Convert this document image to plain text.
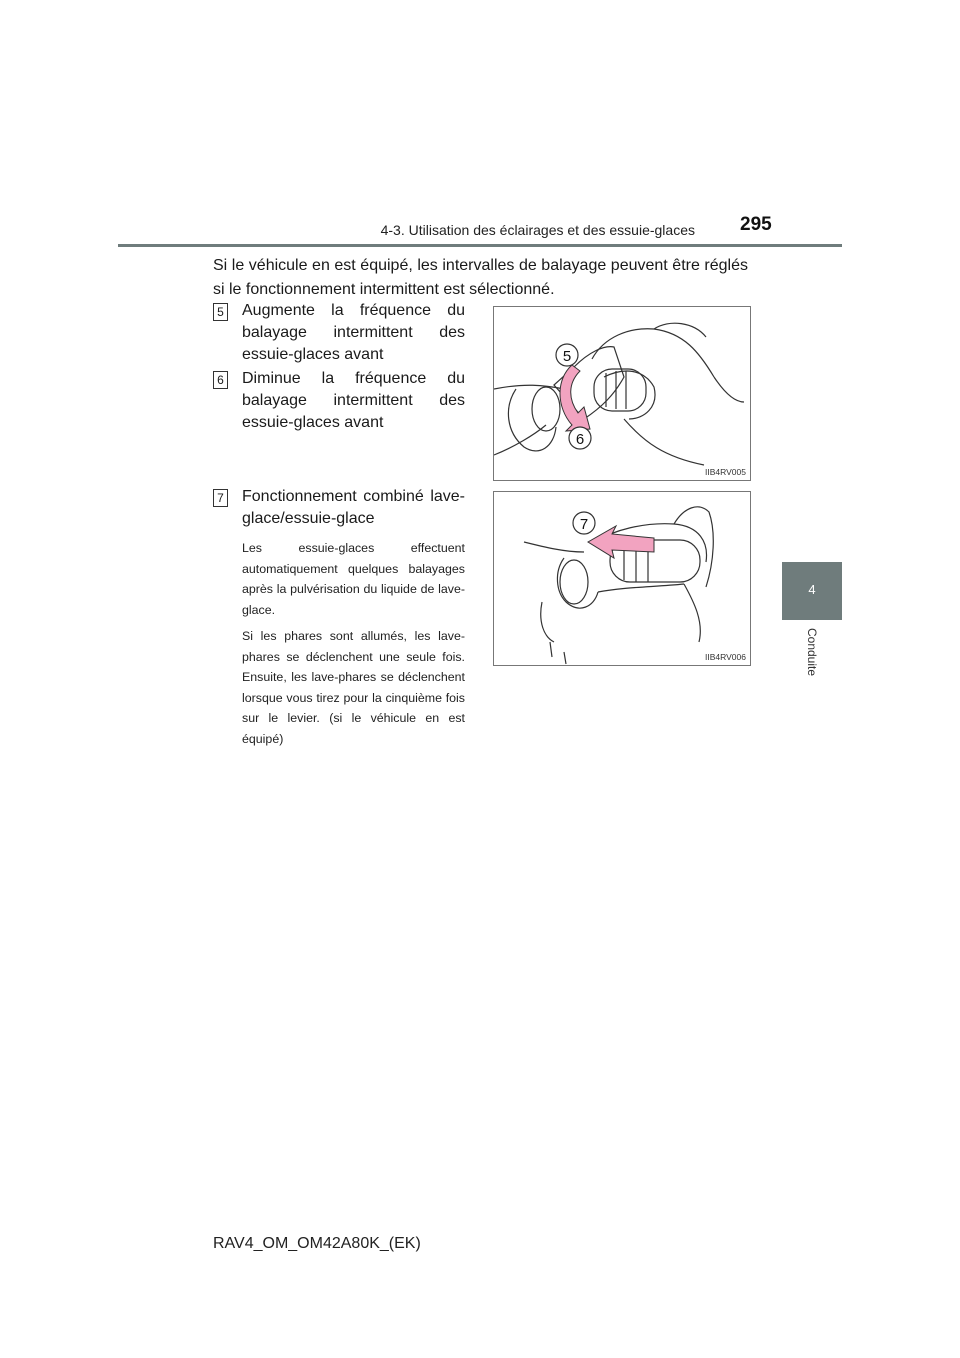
4-3. Utilisation des éclairages et des essuie-glaces 295
4
Conduite
Si le véhicule en est équipé, les intervalles de balayage peuvent être réglés si le fonctionnement intermittent est sélectionné.
5 Augmente la fréquence du balayage intermittent des essuie-glaces avant
6 Diminue la fréquence du balayage intermittent des essuie-glaces avant
7 Fonctionnement combiné lave-glace/essuie-glace
Les essuie-glaces effectuent automatiquement quelques balayages après la pulvérisation du liquide de lave-glace.
Si les phares sont allumés, les lave-phares se déclenchent une seule fois. Ensuite, les lave-phares se déclenchent lorsque vous tirez pour la cinquième fois sur le levier. (si le véhicule en est équipé)
5
6
IIB4RV005
7
IIB4RV006
RAV4_OM_OM42A80K_(EK)
